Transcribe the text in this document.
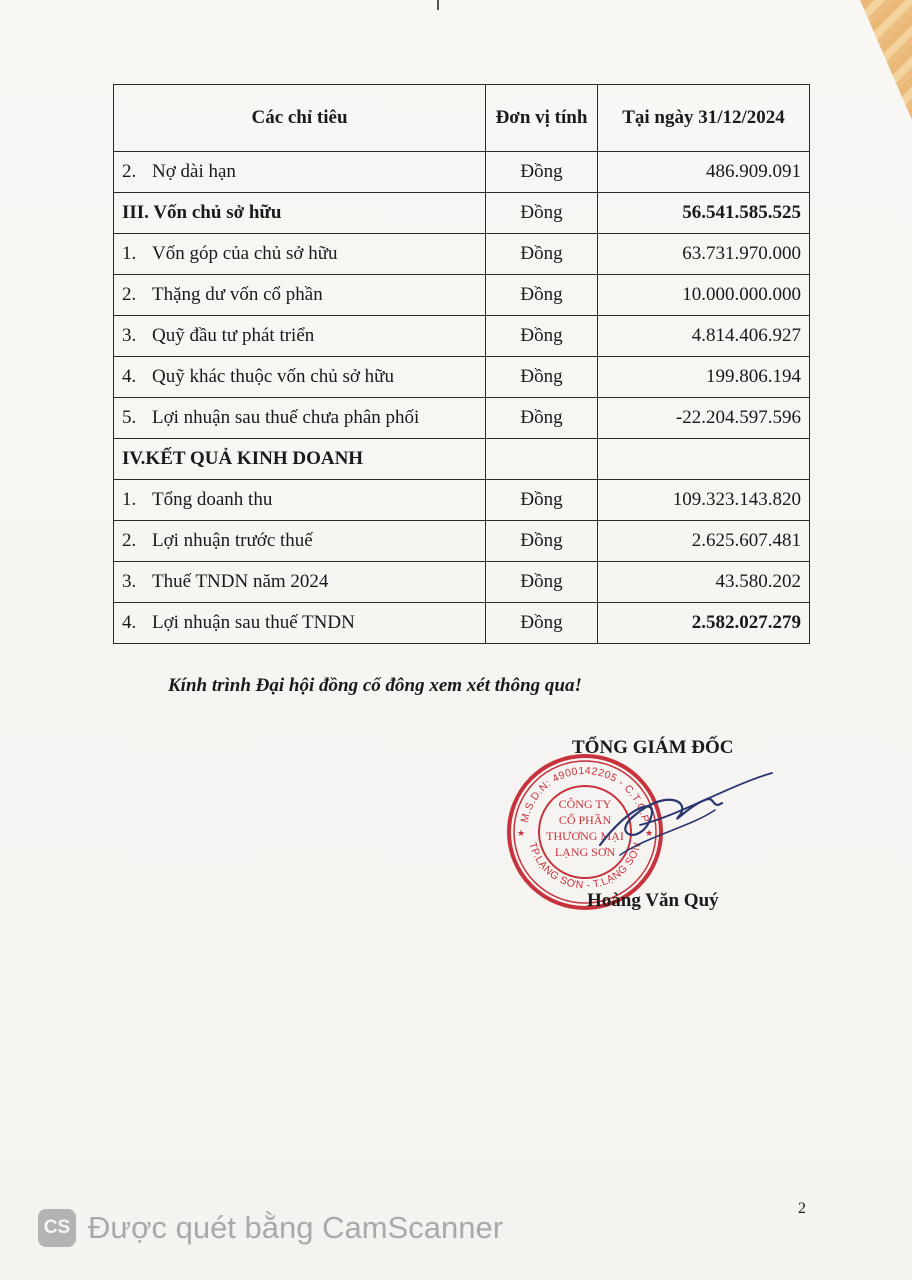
Các chỉ tiêu	Đơn vị tính	Tại ngày 31/12/2024
2. Nợ dài hạn	Đồng	486.909.091
III. Vốn chủ sở hữu	Đồng	56.541.585.525
1. Vốn góp của chủ sở hữu	Đồng	63.731.970.000
2. Thặng dư vốn cổ phần	Đồng	10.000.000.000
3. Quỹ đầu tư phát triển	Đồng	4.814.406.927
4. Quỹ khác thuộc vốn chủ sở hữu	Đồng	199.806.194
5. Lợi nhuận sau thuế chưa phân phối	Đồng	-22.204.597.596
IV.KẾT QUẢ KINH DOANH		
1. Tổng doanh thu	Đồng	109.323.143.820
2. Lợi nhuận trước thuế	Đồng	2.625.607.481
3. Thuế TNDN năm 2024	Đồng	43.580.202
4. Lợi nhuận sau thuế TNDN	Đồng	2.582.027.279
Kính trình Đại hội đồng cổ đông xem xét thông qua!
TỔNG GIÁM ĐỐC
M.S.D.N: 4900142205 - C.T.C.P
TP.LẠNG SƠN - T.LẠNG SƠN
★	★
CÔNG TY
CỔ PHẦN
THƯƠNG MẠI
LẠNG SƠN
Hoàng Văn Quý
2
CS Được quét bằng CamScanner
